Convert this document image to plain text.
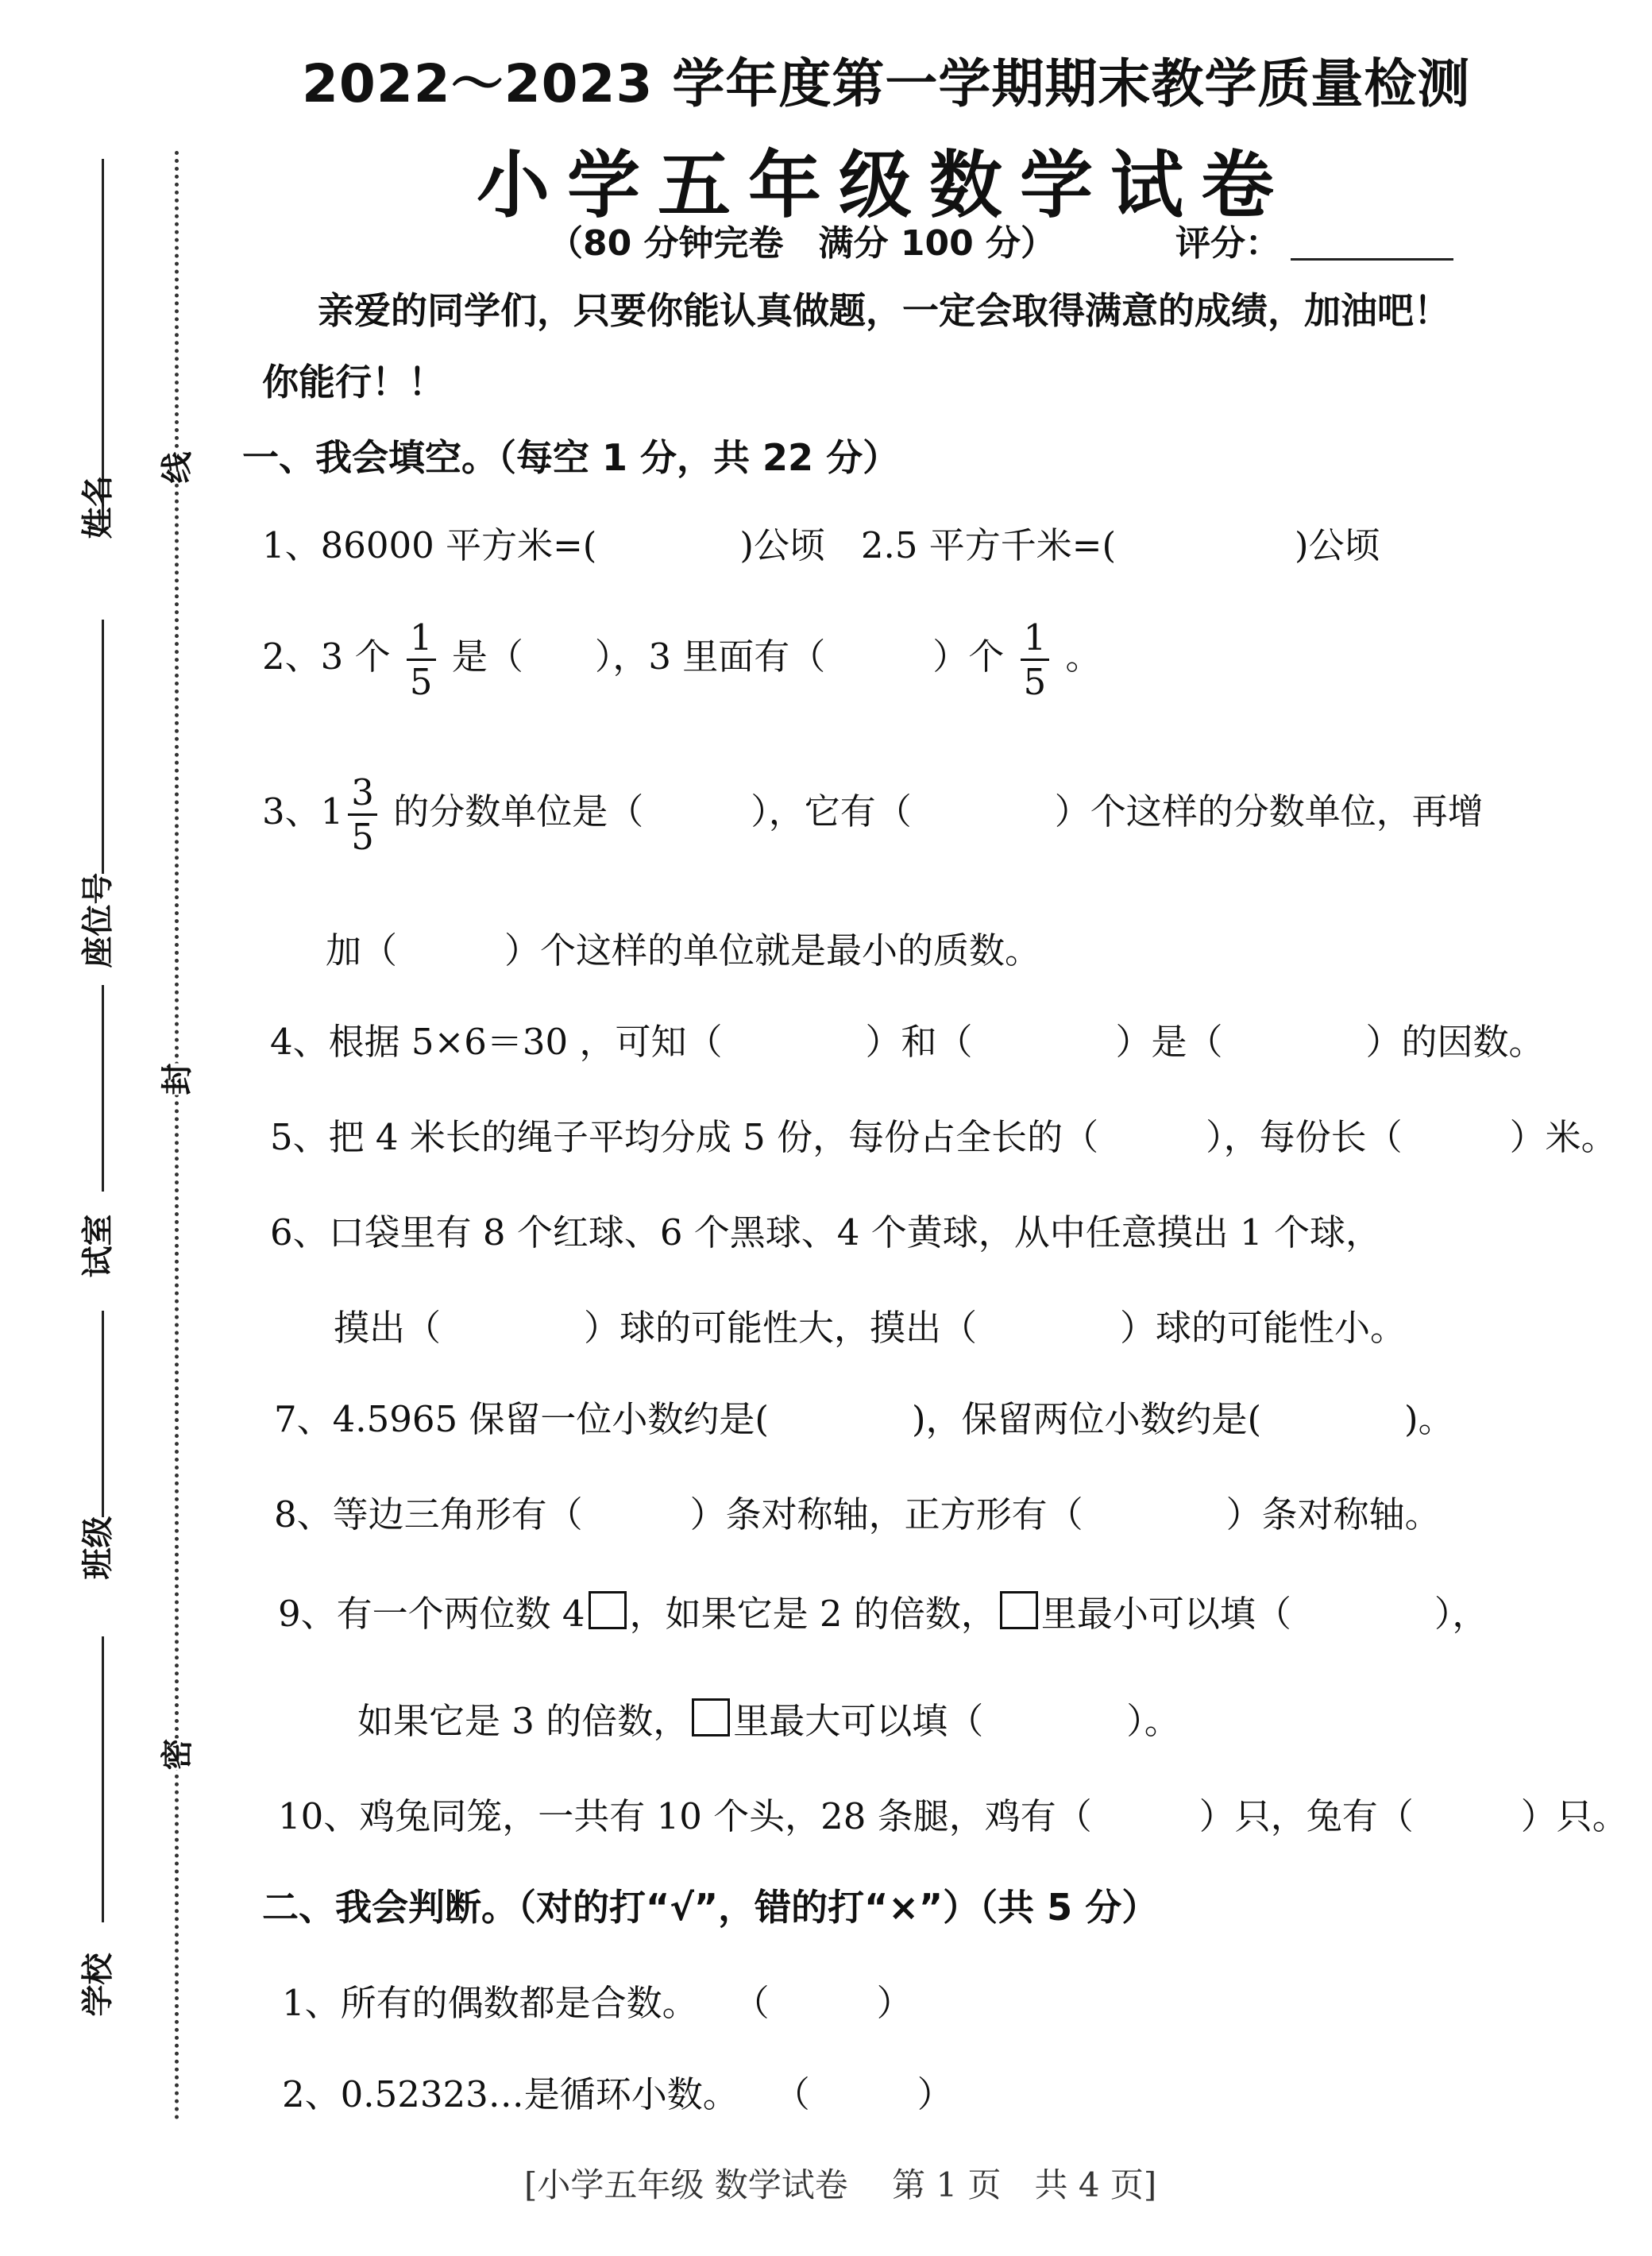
姓名
座位号
试室
班级
学校
线
封
密
2022～2023 学年度第一学期期末教学质量检测
小学五年级数学试卷
（80 分钟完卷　满分 100 分）	评分：
亲爱的同学们，只要你能认真做题，一定会取得满意的成绩，加油吧！
你能行！！
一、我会填空。（每空 1 分，共 22 分）
1、86000 平方米=(　　　　)公顷　2.5 平方千米=(　　　　　)公顷
2、3 个 $\frac{1}{5}$ 是（　　），3 里面有（　　　）个 $\frac{1}{5}$ 。
3、$1 \frac{3}{5}$ 的分数单位是（　　　），它有（　　　　）个这样的分数单位，再增
加（　　　）个这样的单位就是最小的质数。
4、根据 5×6＝30 ，可知（　　　　）和（　　　　）是（　　　　）的因数。
5、把 4 米长的绳子平均分成 5 份，每份占全长的（　　　），每份长（　　　）米。
6、口袋里有 8 个红球、6 个黑球、4 个黄球，从中任意摸出 1 个球，
摸出（　　　　）球的可能性大，摸出（　　　　）球的可能性小。
7、4.5965 保留一位小数约是(　　　　)，保留两位小数约是(　　　　)。
8、等边三角形有（　　　）条对称轴，正方形有（　　　　）条对称轴。
9、有一个两位数 4 ，如果它是 2 的倍数， 里最小可以填（　　　　），
如果它是 3 的倍数， 里最大可以填（　　　　）。
10、鸡兔同笼，一共有 10 个头，28 条腿，鸡有（　　　）只，兔有（　　　）只。
二、我会判断。（对的打“√”，错的打“×”）（共 5 分）
1、所有的偶数都是合数。　　（　　　）
2、0.52323…是循环小数。　　（　　　）
[小学五年级 数学试卷　 第 1 页　共 4 页]
